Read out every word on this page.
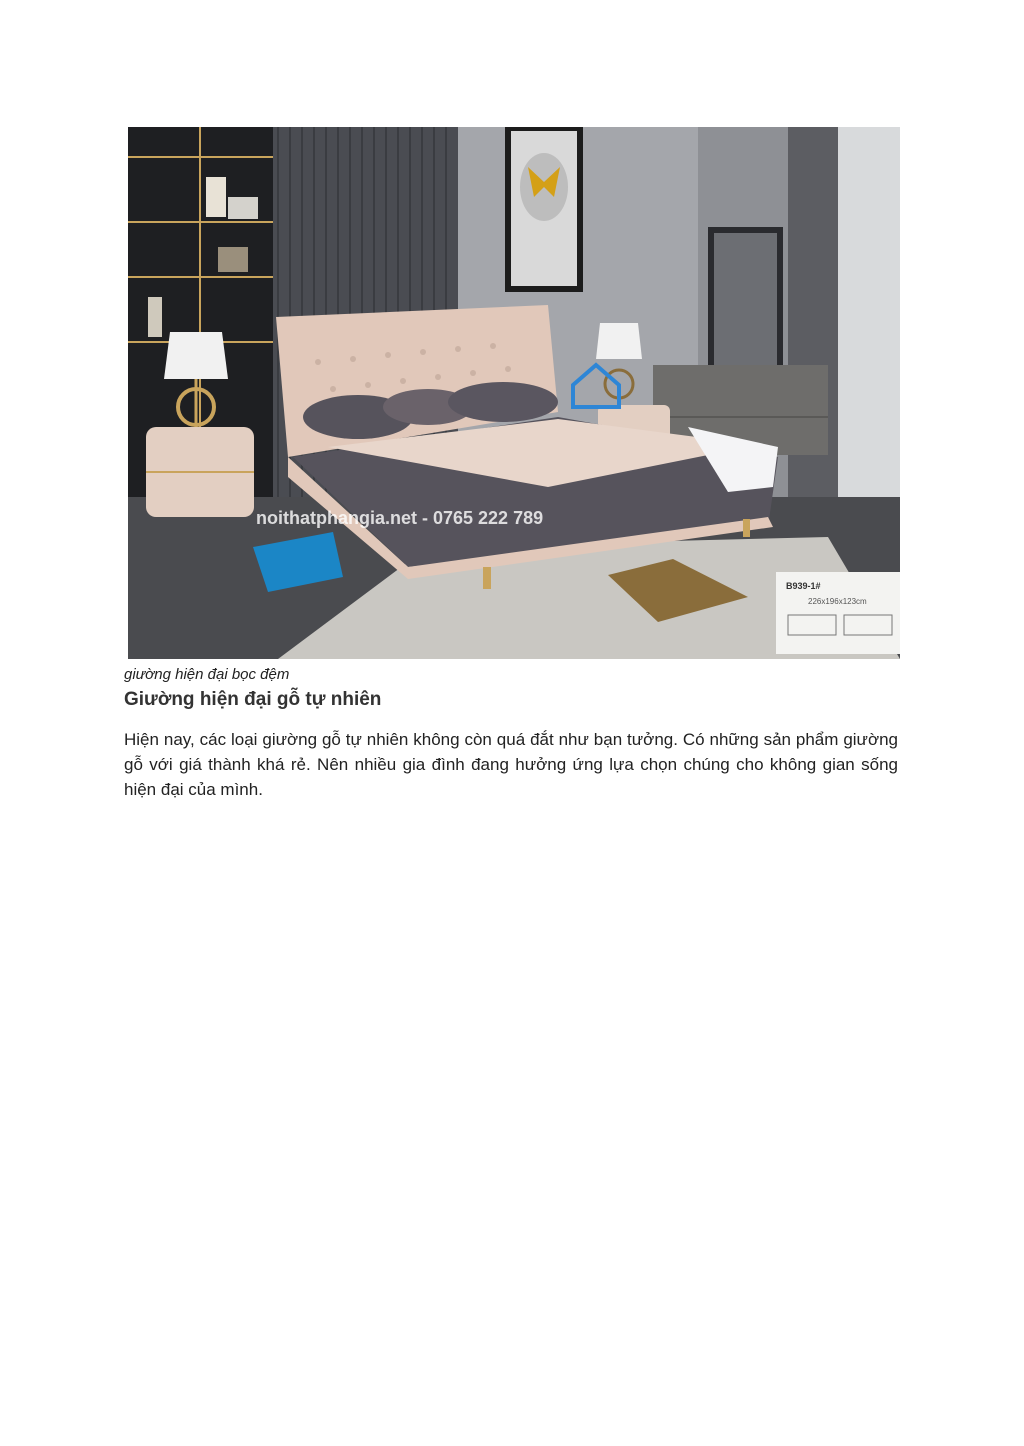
noithatphangia.net - 0765 222 789
B939-1#
226x196x123cm
giường hiện đại bọc đệm
Giường hiện đại gỗ tự nhiên
Hiện nay, các loại giường gỗ tự nhiên không còn quá đắt như bạn tưởng. Có những sản phẩm giường gỗ với giá thành khá rẻ. Nên nhiều gia đình đang hưởng ứng lựa chọn chúng cho không gian sống hiện đại của mình.
